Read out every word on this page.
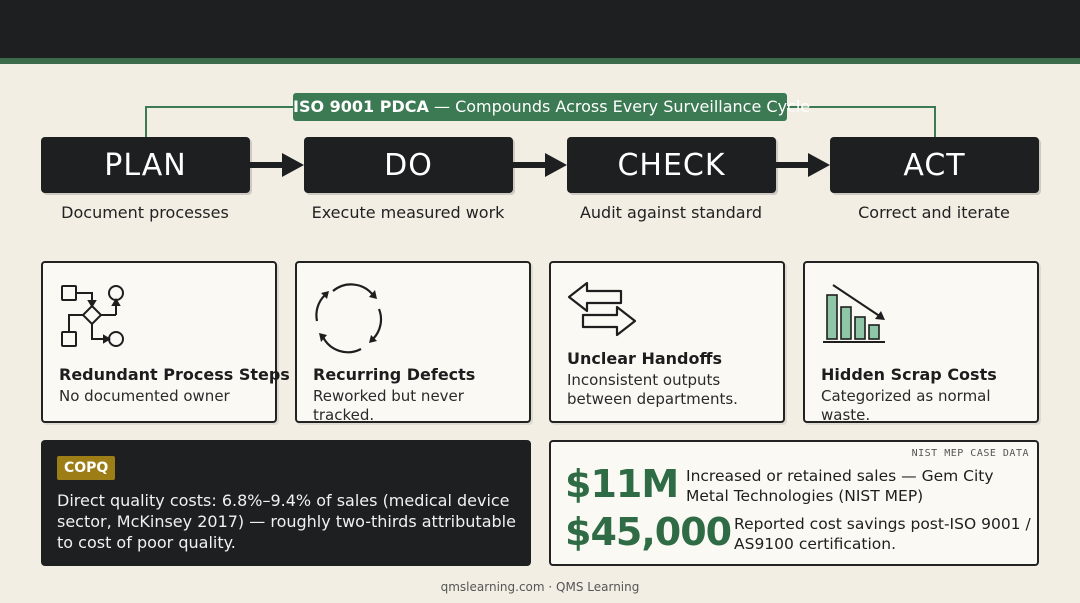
ISO 9001 PDCA — Compounds Across Every Surveillance Cycle
PLAN	DO	CHECK	ACT
Document processes	Execute measured work	Audit against standard	Correct and iterate
Redundant Process Steps
No documented owner
Recurring Defects
Reworked but never tracked.
Unclear Handoffs
Inconsistent outputs between departments.
Hidden Scrap Costs
Categorized as normal waste.
COPQ
Direct quality costs: 6.8%–9.4% of sales (medical device sector, McKinsey 2017) — roughly two-thirds attributable to cost of poor quality.
NIST MEP CASE DATA
$11M Increased or retained sales — Gem City Metal Technologies (NIST MEP)
$45,000 Reported cost savings post-ISO 9001 / AS9100 certification.
qmslearning.com · QMS Learning
